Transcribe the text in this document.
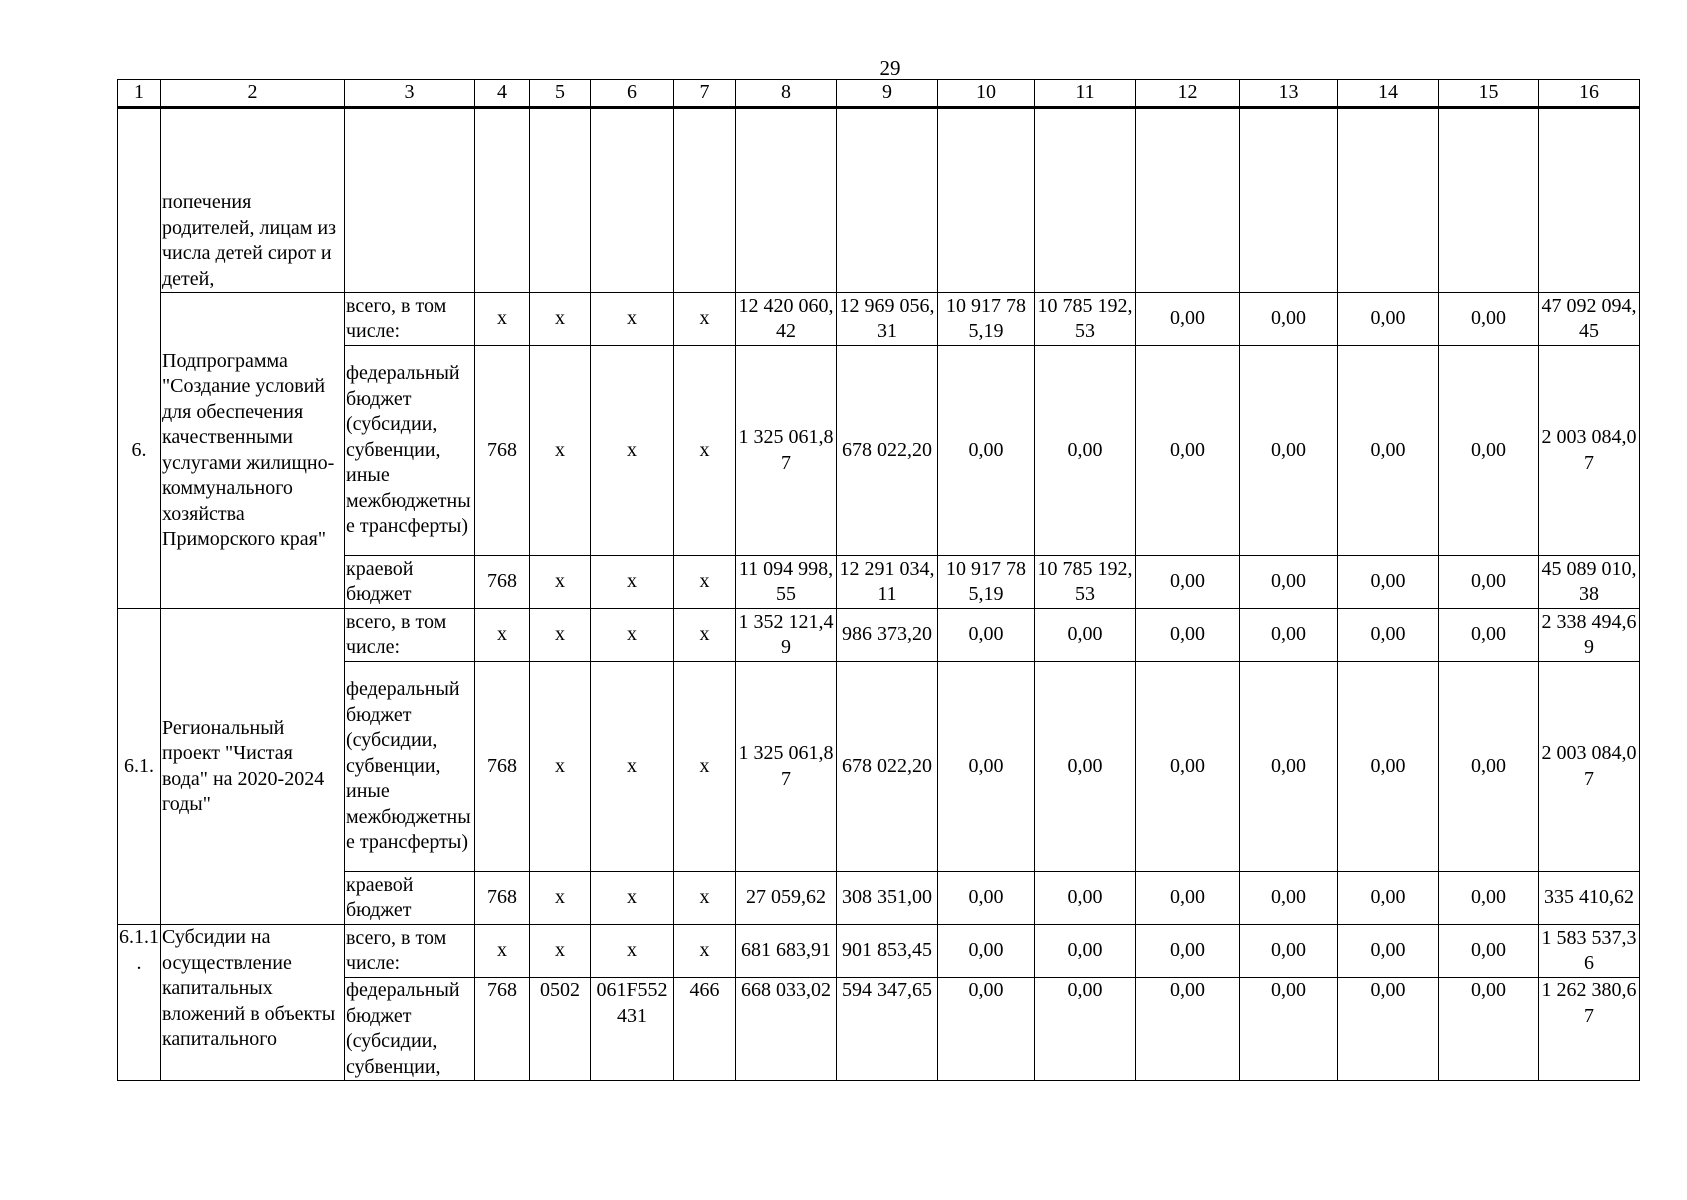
29
1	2	3	4	5	6	7	8	9	10	11	12	13	14	15	16
	попечения родителей, лицам из числа детей сирот и детей,														
6.	Подпрограмма "Создание условий для обеспечения качественными услугами жилищно-коммунального хозяйства Приморского края"	всего, в том числе:	x	x	x	x	12 420 060,42	12 969 056,31	10 917 785,19	10 785 192,53	0,00	0,00	0,00	0,00	47 092 094,45
		федеральный бюджет (субсидии, субвенции, иные межбюджетные трансферты)	768	x	x	x	1 325 061,87	678 022,20	0,00	0,00	0,00	0,00	0,00	0,00	2 003 084,07
		краевой бюджет	768	x	x	x	11 094 998,55	12 291 034,11	10 917 785,19	10 785 192,53	0,00	0,00	0,00	0,00	45 089 010,38
6.1.	Региональный проект "Чистая вода" на 2020-2024 годы"	всего, в том числе:	x	x	x	x	1 352 121,49	986 373,20	0,00	0,00	0,00	0,00	0,00	0,00	2 338 494,69
		федеральный бюджет (субсидии, субвенции, иные межбюджетные трансферты)	768	x	x	x	1 325 061,87	678 022,20	0,00	0,00	0,00	0,00	0,00	0,00	2 003 084,07
		краевой бюджет	768	x	x	x	27 059,62	308 351,00	0,00	0,00	0,00	0,00	0,00	0,00	335 410,62
6.1.1.	Субсидии на осуществление капитальных вложений в объекты капитального	всего, в том числе:	x	x	x	x	681 683,91	901 853,45	0,00	0,00	0,00	0,00	0,00	0,00	1 583 537,36
		федеральный бюджет (субсидии, субвенции,	768	0502	061F552431	466	668 033,02	594 347,65	0,00	0,00	0,00	0,00	0,00	0,00	1 262 380,67
